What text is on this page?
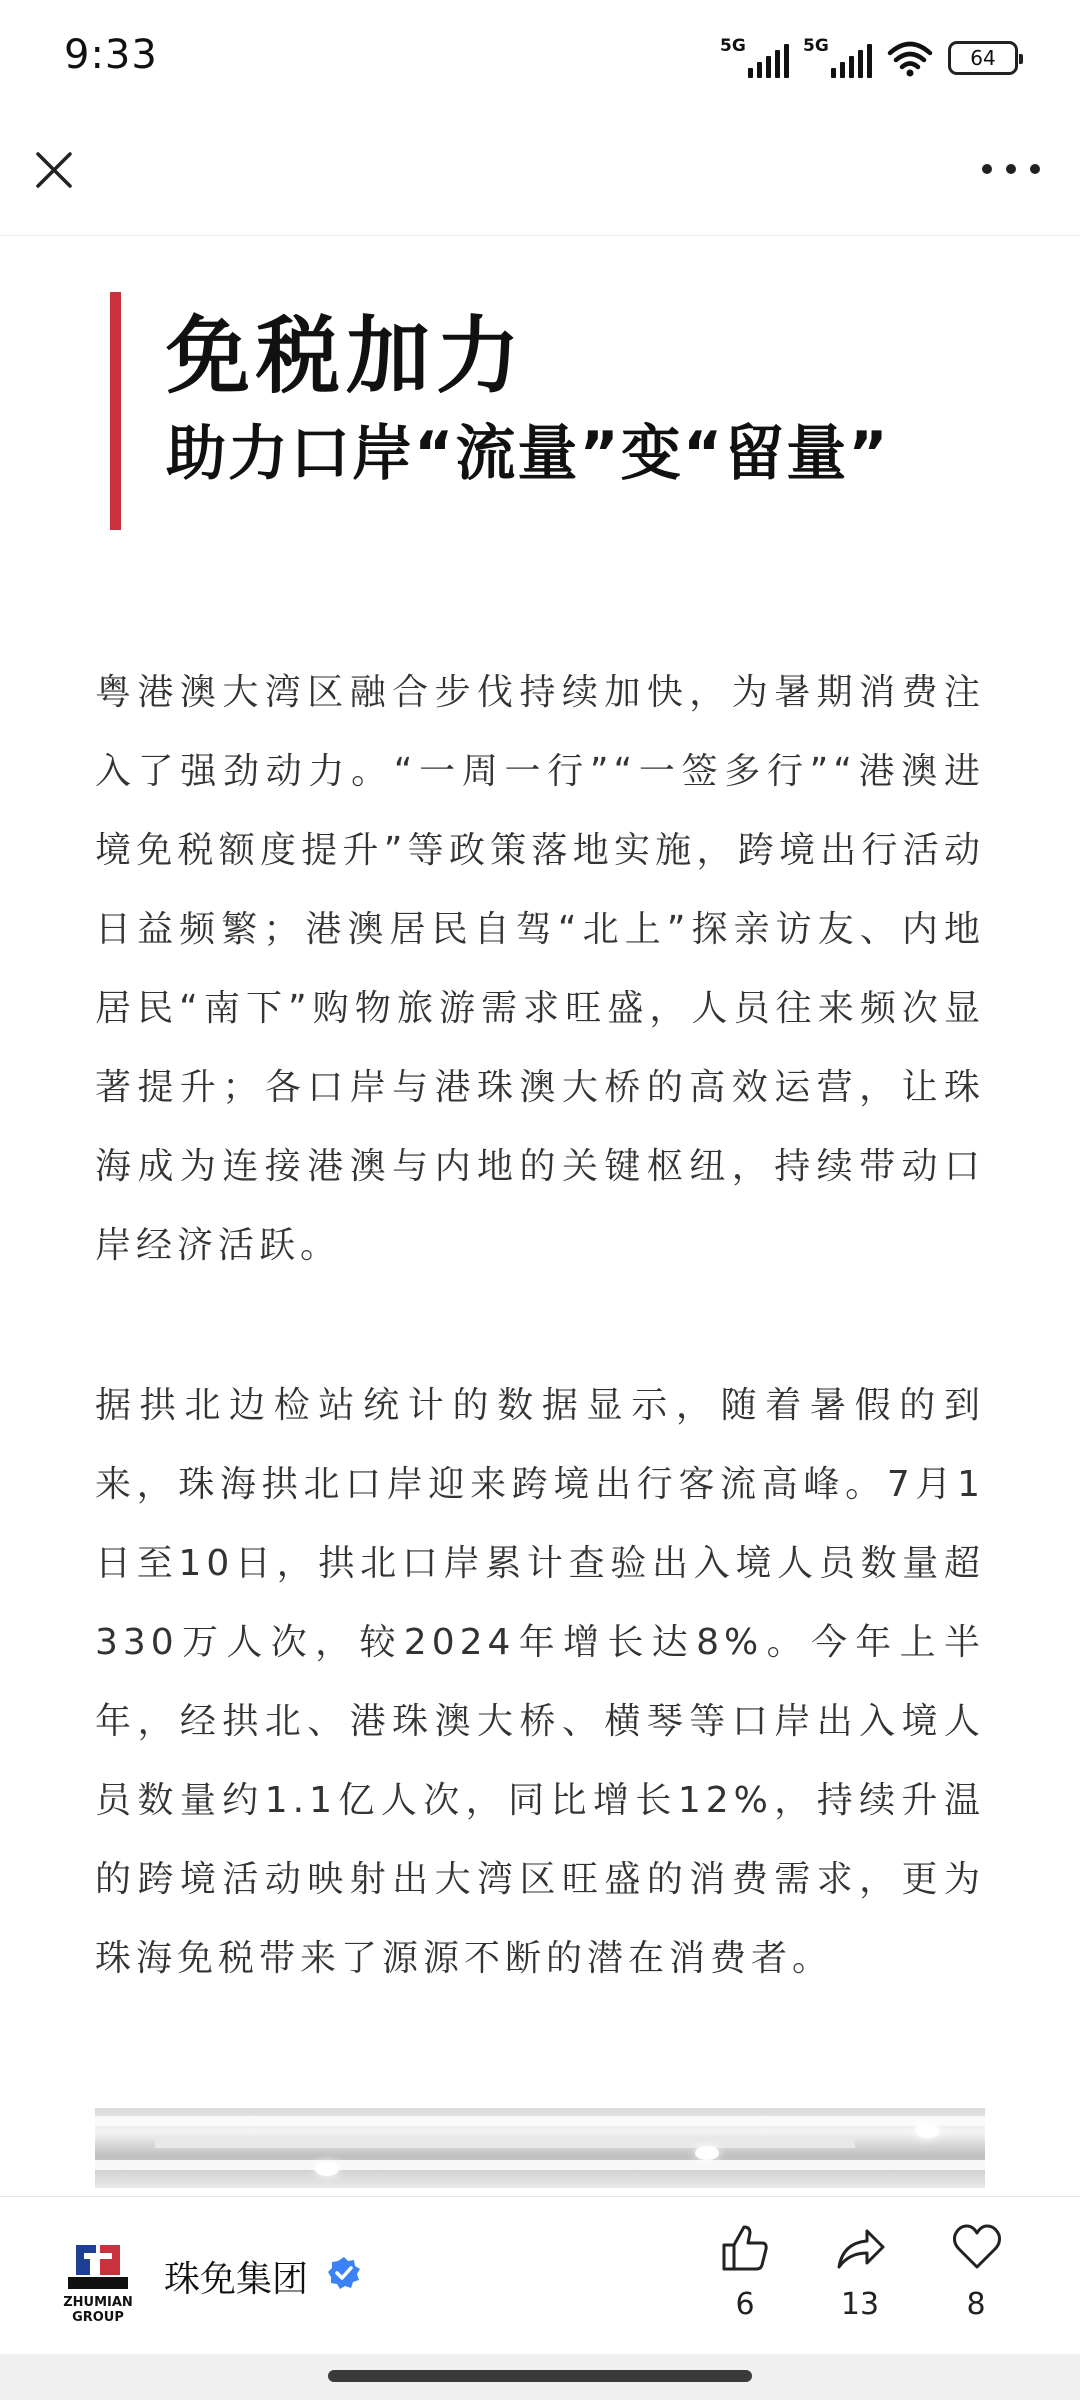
9:33	5G	5G	64
免税加力
助力口岸“流量”变“留量”

粤港澳大湾区融合步伐持续加快，为暑期消费注入了强劲动力。“一周一行”“一签多行”“港澳进境免税额度提升”等政策落地实施，跨境出行活动日益频繁；港澳居民自驾“北上”探亲访友、内地居民“南下”购物旅游需求旺盛，人员往来频次显著提升；各口岸与港珠澳大桥的高效运营，让珠海成为连接港澳与内地的关键枢纽，持续带动口岸经济活跃。

据拱北边检站统计的数据显示，随着暑假的到来，珠海拱北口岸迎来跨境出行客流高峰。7月1日至10日，拱北口岸累计查验出入境人员数量超330万人次，较2024年增长达8%。今年上半年，经拱北、港珠澳大桥、横琴等口岸出入境人员数量约1.1亿人次，同比增长12%，持续升温的跨境活动映射出大湾区旺盛的消费需求，更为珠海免税带来了源源不断的潜在消费者。

ZHUMIAN GROUP
珠免集团
6	13	8
